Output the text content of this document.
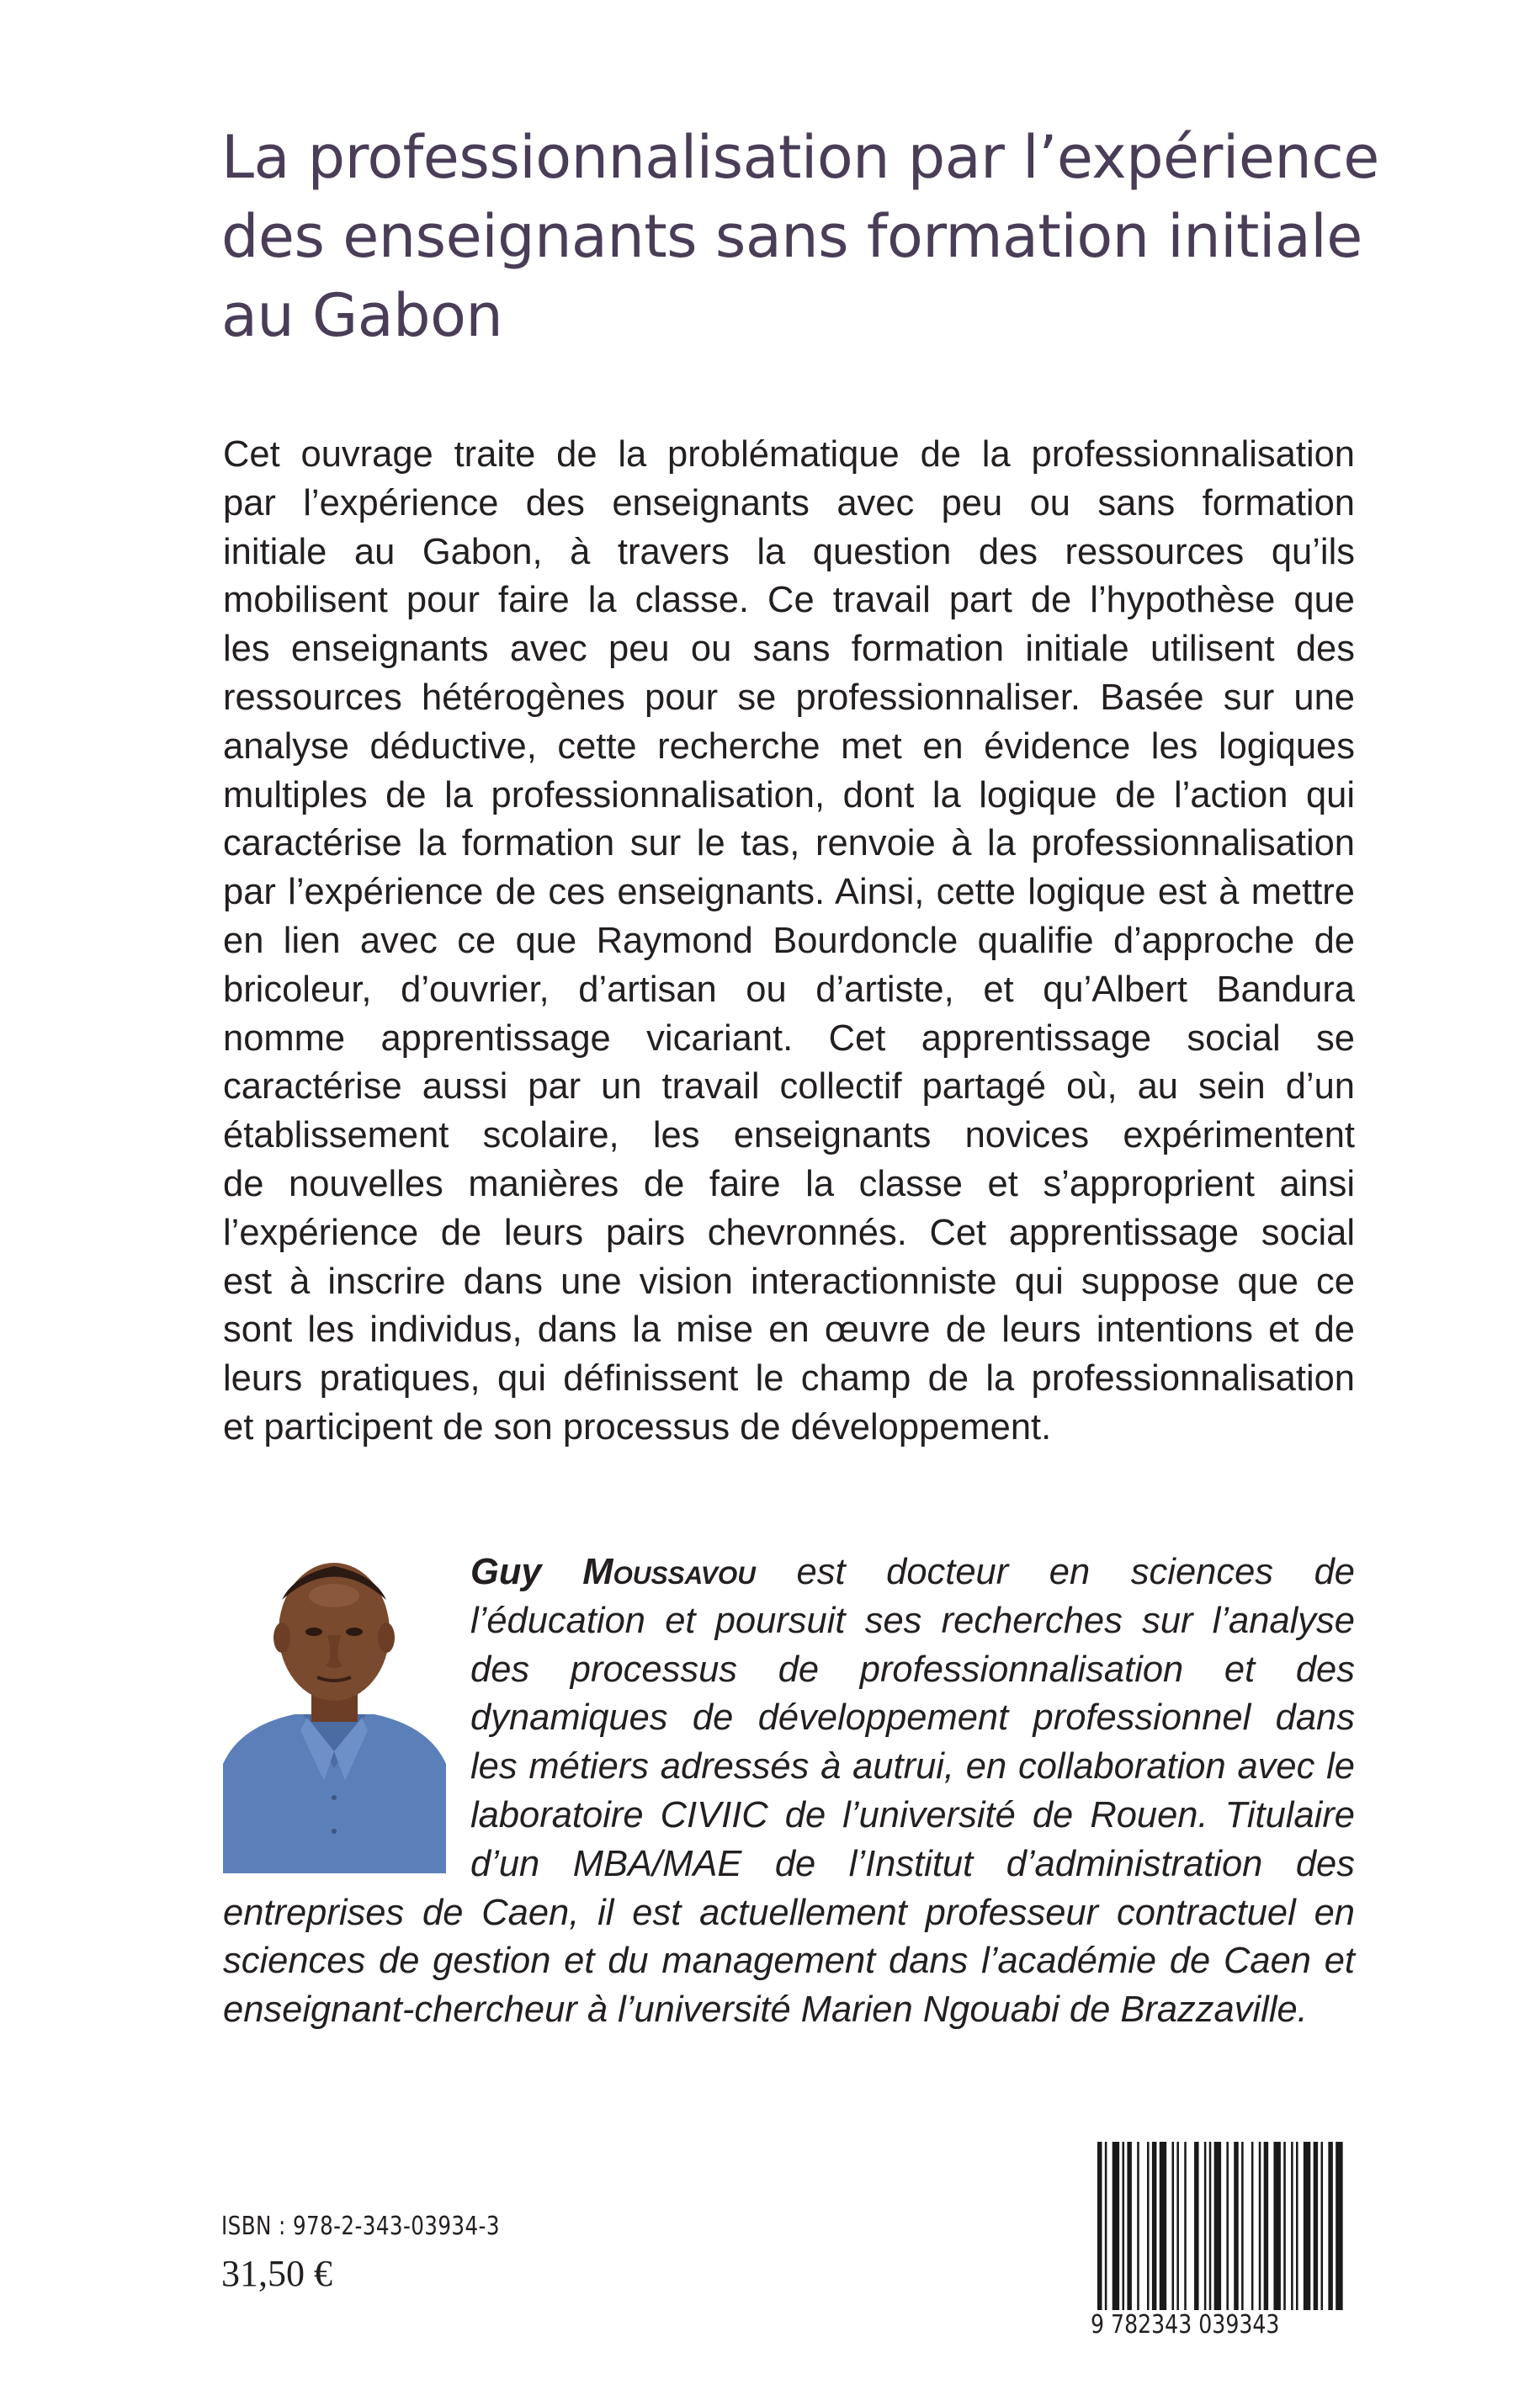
La professionnalisation par l’expérience
des enseignants sans formation initiale
au Gabon
Cet ouvrage traite de la problématique de la professionnalisation
par l’expérience des enseignants avec peu ou sans formation
initiale au Gabon, à travers la question des ressources qu’ils
mobilisent pour faire la classe. Ce travail part de l’hypothèse que
les enseignants avec peu ou sans formation initiale utilisent des
ressources hétérogènes pour se professionnaliser. Basée sur une
analyse déductive, cette recherche met en évidence les logiques
multiples de la professionnalisation, dont la logique de l’action qui
caractérise la formation sur le tas, renvoie à la professionnalisation
par l’expérience de ces enseignants. Ainsi, cette logique est à mettre
en lien avec ce que Raymond Bourdoncle qualifie d’approche de
bricoleur, d’ouvrier, d’artisan ou d’artiste, et qu’Albert Bandura
nomme apprentissage vicariant. Cet apprentissage social se
caractérise aussi par un travail collectif partagé où, au sein d’un
établissement scolaire, les enseignants novices expérimentent
de nouvelles manières de faire la classe et s’approprient ainsi
l’expérience de leurs pairs chevronnés. Cet apprentissage social
est à inscrire dans une vision interactionniste qui suppose que ce
sont les individus, dans la mise en œuvre de leurs intentions et de
leurs pratiques, qui définissent le champ de la professionnalisation
et participent de son processus de développement.
Guy Moussavou est docteur en sciences de
l’éducation et poursuit ses recherches sur l’analyse
des processus de professionnalisation et des
dynamiques de développement professionnel dans
les métiers adressés à autrui, en collaboration avec le
laboratoire CIVIIC de l’université de Rouen. Titulaire
d’un MBA/MAE de l’Institut d’administration des
entreprises de Caen, il est actuellement professeur contractuel en
sciences de gestion et du management dans l’académie de Caen et
enseignant-chercheur à l’université Marien Ngouabi de Brazzaville.
ISBN : 978-2-343-03934-3
31,50 €
9 782343 039343
